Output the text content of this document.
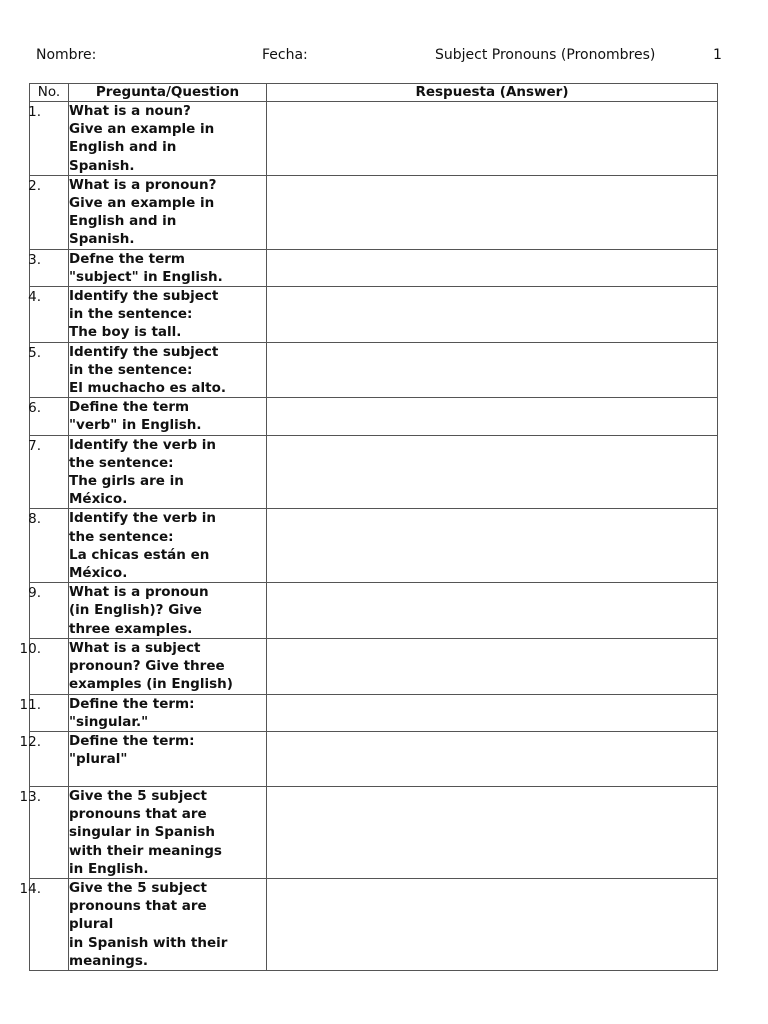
Nombre:	Fecha:	Subject Pronouns (Pronombres)	1
No.	Pregunta/Question	Respuesta (Answer)

1.	What is a noun?
Give an example in
English and in
Spanish.	

2.	What is a pronoun?
Give an example in
English and in
Spanish.	

3.	Defne the term
"subject" in English.	

4.	Identify the subject
in the sentence:
The boy is tall.	

5.	Identify the subject
in the sentence:
El muchacho es alto.	

6.	Define the term
"verb" in English.	

7.	Identify the verb in
the sentence:
The girls are in
México.	

8.	Identify the verb in
the sentence:
La chicas están en
México.	

9.	What is a pronoun
(in English)? Give
three examples.	

10.	What is a subject
pronoun? Give three
examples (in English)	

11.	Define the term:
"singular."	

12.	Define the term:
"plural"	

13.	Give the 5 subject
pronouns that are
singular in Spanish
with their meanings
in English.	

14.	Give the 5 subject
pronouns that are
plural
in Spanish with their
meanings.	
